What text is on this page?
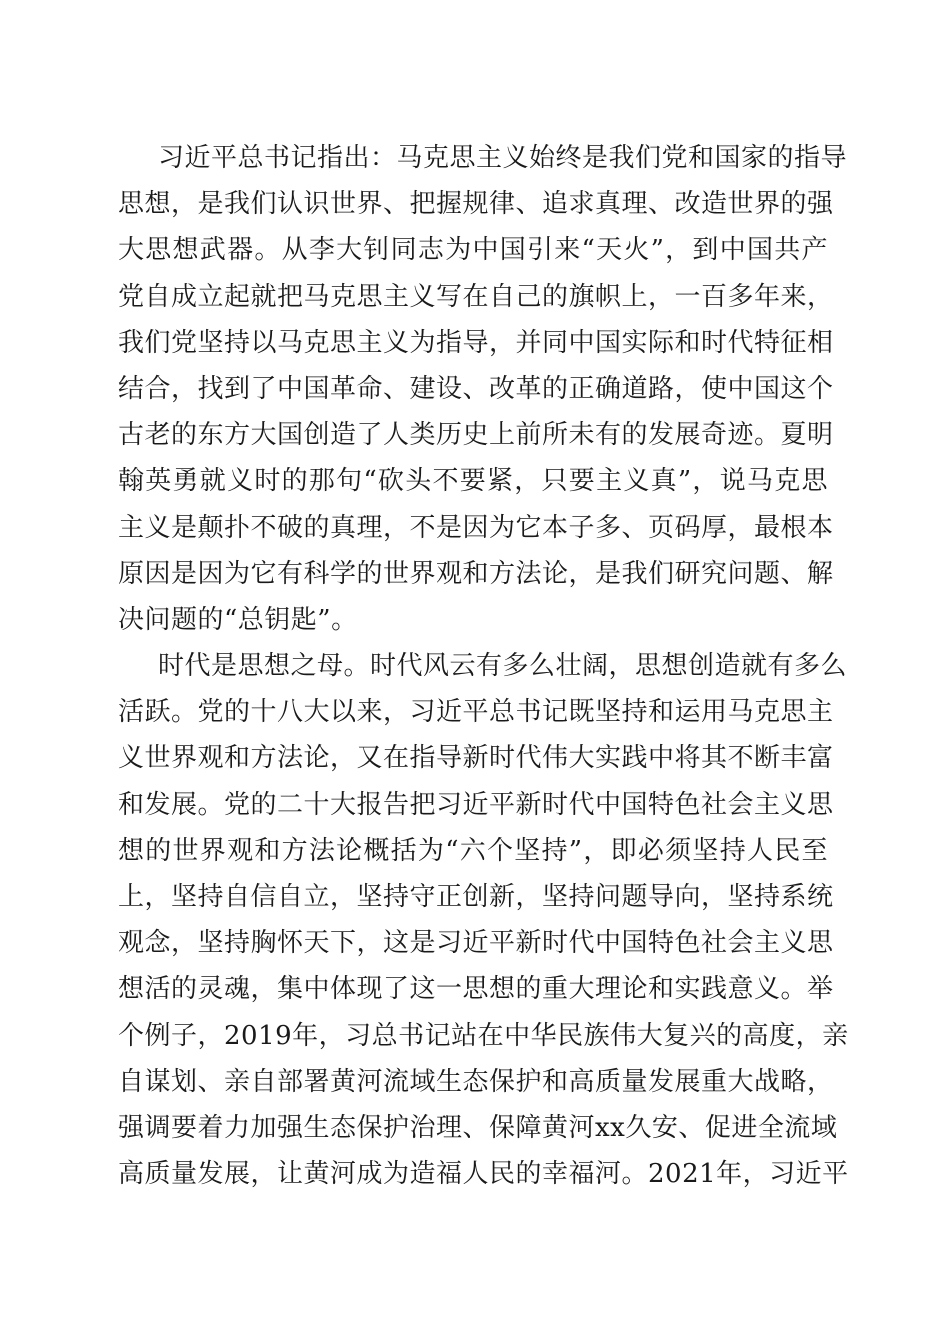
习近平总书记指出：马克思主义始终是我们党和国家的指导
思想，是我们认识世界、把握规律、追求真理、改造世界的强
大思想武器。从李大钊同志为中国引来“天火”，到中国共产
党自成立起就把马克思主义写在自己的旗帜上，一百多年来，
我们党坚持以马克思主义为指导，并同中国实际和时代特征相
结合，找到了中国革命、建设、改革的正确道路，使中国这个
古老的东方大国创造了人类历史上前所未有的发展奇迹。夏明
翰英勇就义时的那句“砍头不要紧，只要主义真”，说马克思
主义是颠扑不破的真理，不是因为它本子多、页码厚，最根本
原因是因为它有科学的世界观和方法论，是我们研究问题、解
决问题的“总钥匙”。
时代是思想之母。时代风云有多么壮阔，思想创造就有多么
活跃。党的十八大以来，习近平总书记既坚持和运用马克思主
义世界观和方法论，又在指导新时代伟大实践中将其不断丰富
和发展。党的二十大报告把习近平新时代中国特色社会主义思
想的世界观和方法论概括为“六个坚持”，即必须坚持人民至
上，坚持自信自立，坚持守正创新，坚持问题导向，坚持系统
观念，坚持胸怀天下，这是习近平新时代中国特色社会主义思
想活的灵魂，集中体现了这一思想的重大理论和实践意义。举
个例子，2019年，习总书记站在中华民族伟大复兴的高度，亲
自谋划、亲自部署黄河流域生态保护和高质量发展重大战略，
强调要着力加强生态保护治理、保障黄河xx久安、促进全流域
高质量发展，让黄河成为造福人民的幸福河。2021年，习近平
